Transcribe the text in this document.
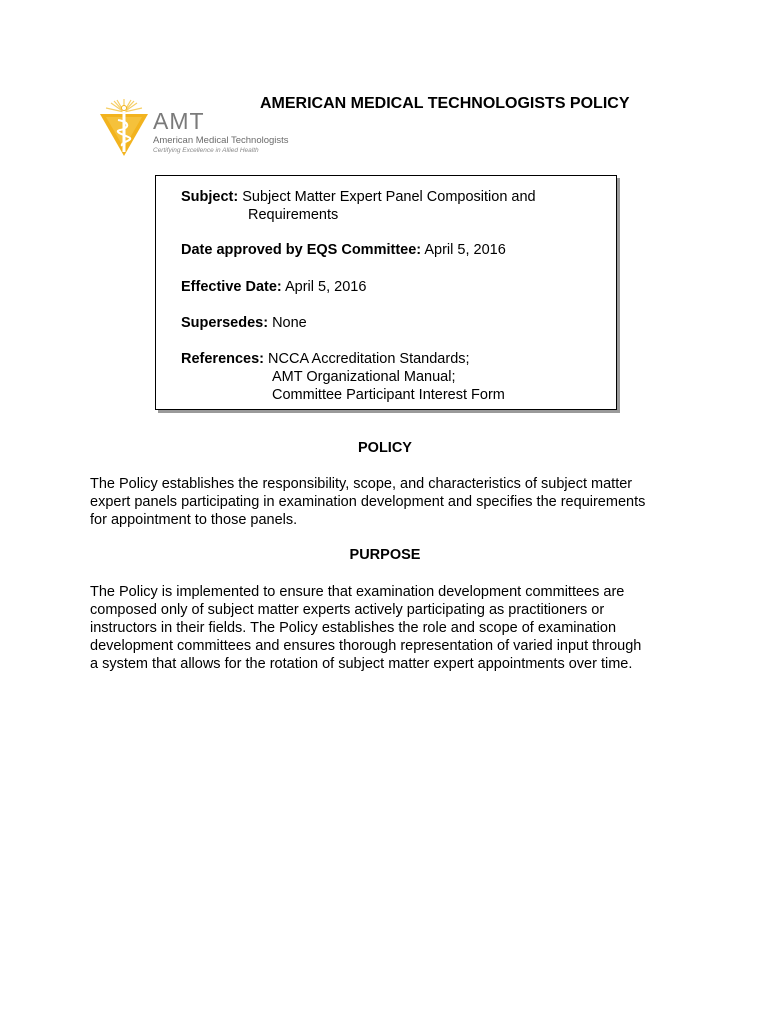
AMT
American Medical Technologists
Certifying Excellence in Allied Health
AMERICAN MEDICAL TECHNOLOGISTS POLICY
Subject: Subject Matter Expert Panel Composition and
Requirements
Date approved by EQS Committee: April 5, 2016
Effective Date: April 5, 2016
Supersedes: None
References: NCCA Accreditation Standards;
AMT Organizational Manual;
Committee Participant Interest Form
POLICY
The Policy establishes the responsibility, scope, and characteristics of subject matter
expert panels participating in examination development and specifies the requirements
for appointment to those panels.
PURPOSE
The Policy is implemented to ensure that examination development committees are
composed only of subject matter experts actively participating as practitioners or
instructors in their fields. The Policy establishes the role and scope of examination
development committees and ensures thorough representation of varied input through
a system that allows for the rotation of subject matter expert appointments over time.
